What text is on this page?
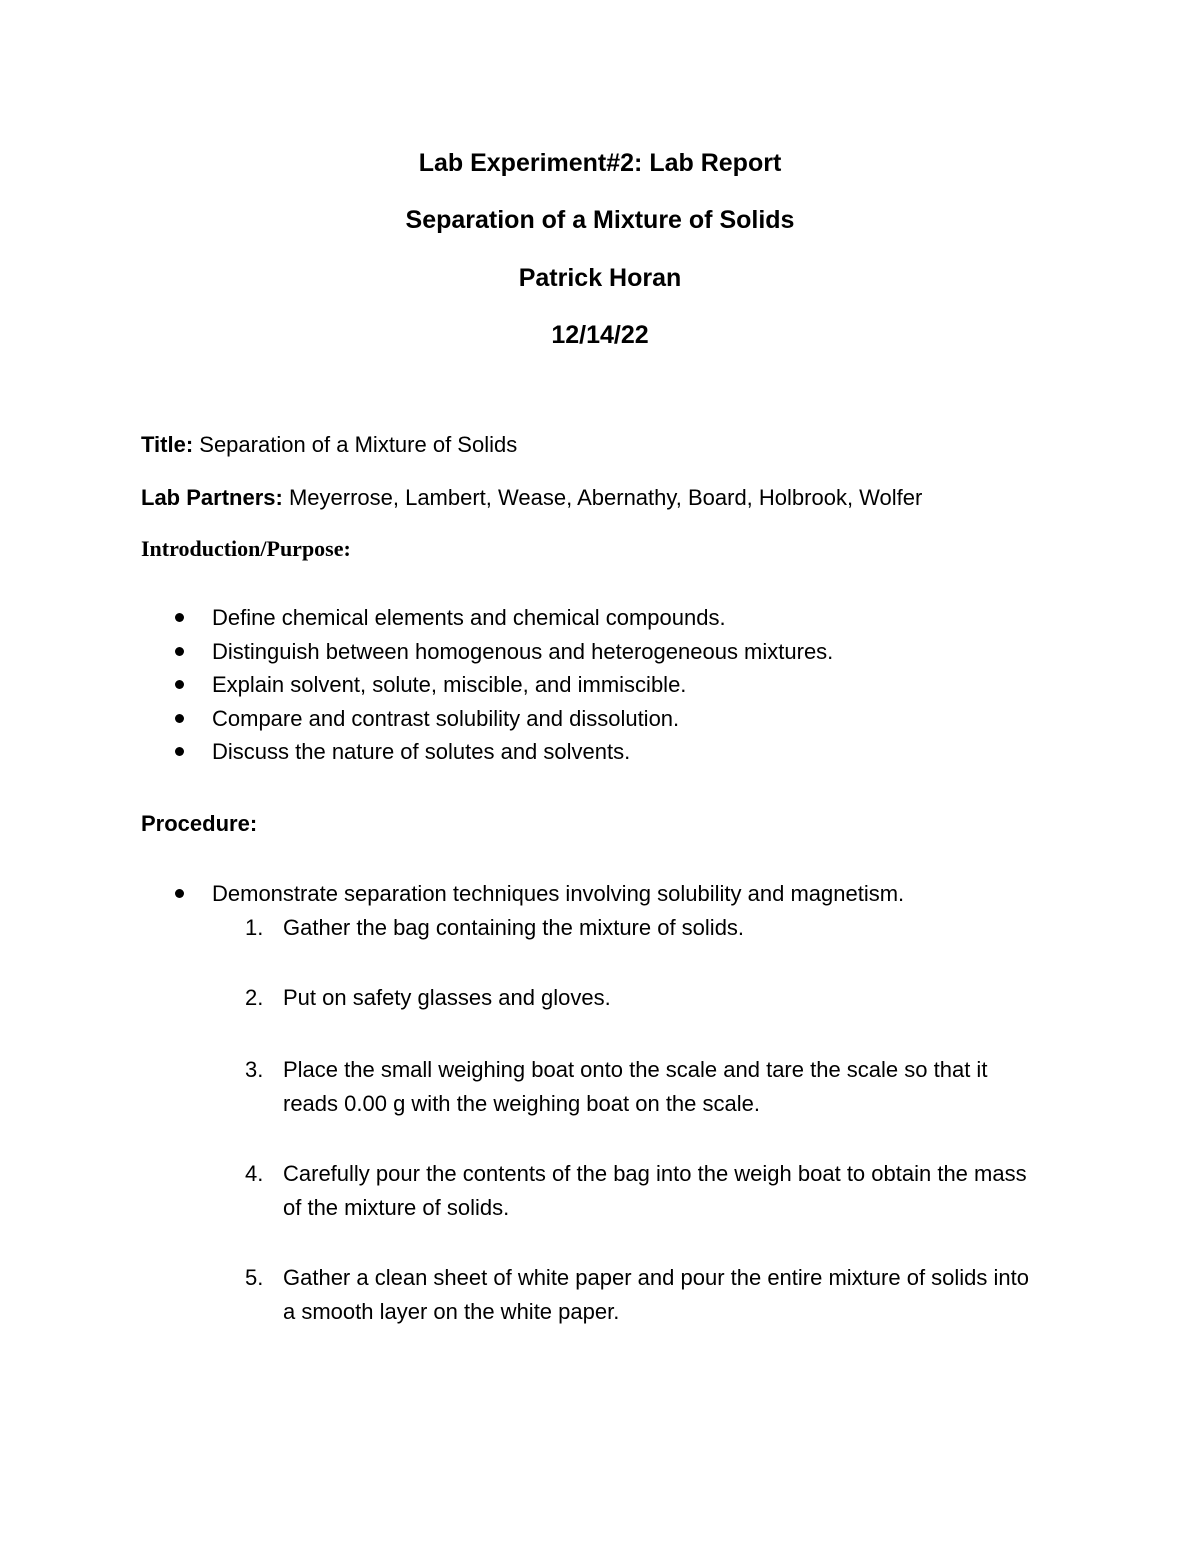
Lab Experiment#2: Lab Report
Separation of a Mixture of Solids
Patrick Horan
12/14/22
Title: Separation of a Mixture of Solids
Lab Partners: Meyerrose, Lambert, Wease, Abernathy, Board, Holbrook, Wolfer
Introduction/Purpose:
Define chemical elements and chemical compounds.
Distinguish between homogenous and heterogeneous mixtures.
Explain solvent, solute, miscible, and immiscible.
Compare and contrast solubility and dissolution.
Discuss the nature of solutes and solvents.
Procedure:
Demonstrate separation techniques involving solubility and magnetism.
1. Gather the bag containing the mixture of solids.
2. Put on safety glasses and gloves.
3. Place the small weighing boat onto the scale and tare the scale so that it reads 0.00 g with the weighing boat on the scale.
4. Carefully pour the contents of the bag into the weigh boat to obtain the mass of the mixture of solids.
5. Gather a clean sheet of white paper and pour the entire mixture of solids into a smooth layer on the white paper.
